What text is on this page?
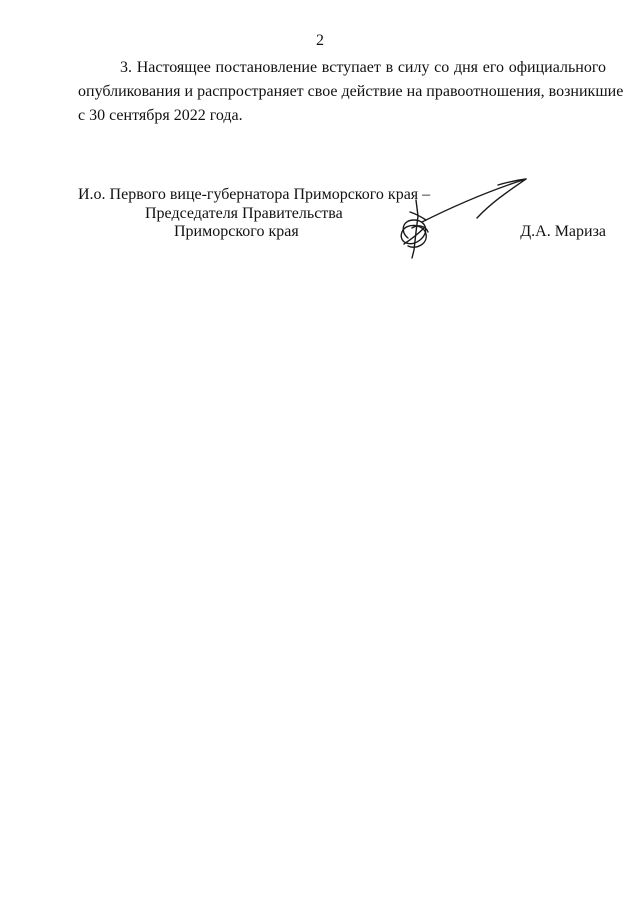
2
3. Настоящее постановление вступает в силу со дня его официального
опубликования и распространяет свое действие на правоотношения, возникшие
с 30 сентября 2022 года.
И.о. Первого вице-губернатора Приморского края –
Председателя Правительства
Приморского края	Д.А. Мариза
